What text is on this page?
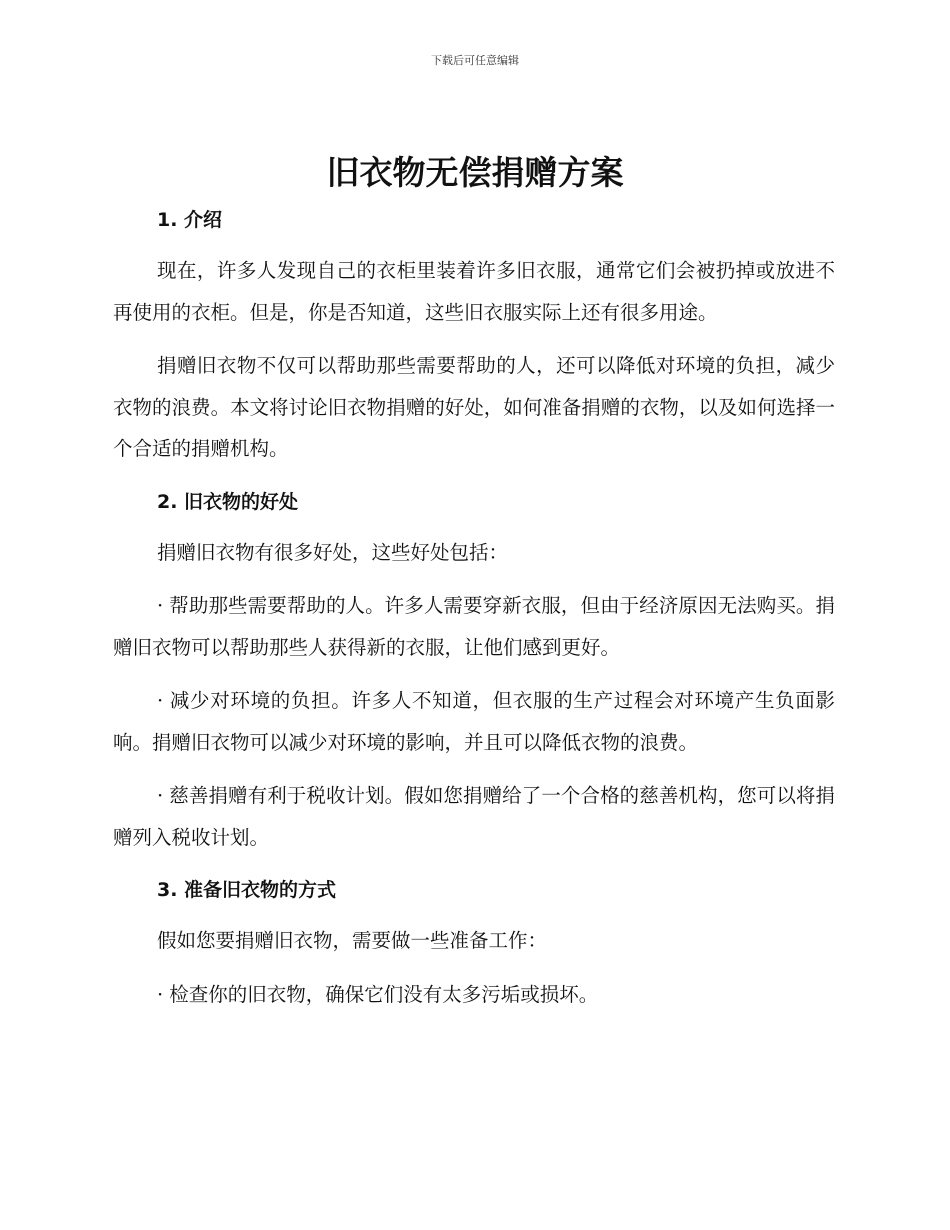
下载后可任意编辑
旧衣物无偿捐赠方案
1. 介绍

现在，许多人发现自己的衣柜里装着许多旧衣服，通常它们会被扔掉或放进不再使用的衣柜。但是，你是否知道，这些旧衣服实际上还有很多用途。

捐赠旧衣物不仅可以帮助那些需要帮助的人，还可以降低对环境的负担，减少衣物的浪费。本文将讨论旧衣物捐赠的好处，如何准备捐赠的衣物，以及如何选择一个合适的捐赠机构。

2. 旧衣物的好处

捐赠旧衣物有很多好处，这些好处包括：

· 帮助那些需要帮助的人。许多人需要穿新衣服，但由于经济原因无法购买。捐赠旧衣物可以帮助那些人获得新的衣服，让他们感到更好。

· 减少对环境的负担。许多人不知道，但衣服的生产过程会对环境产生负面影响。捐赠旧衣物可以减少对环境的影响，并且可以降低衣物的浪费。

· 慈善捐赠有利于税收计划。假如您捐赠给了一个合格的慈善机构，您可以将捐赠列入税收计划。

3. 准备旧衣物的方式

假如您要捐赠旧衣物，需要做一些准备工作：

· 检查你的旧衣物，确保它们没有太多污垢或损坏。
